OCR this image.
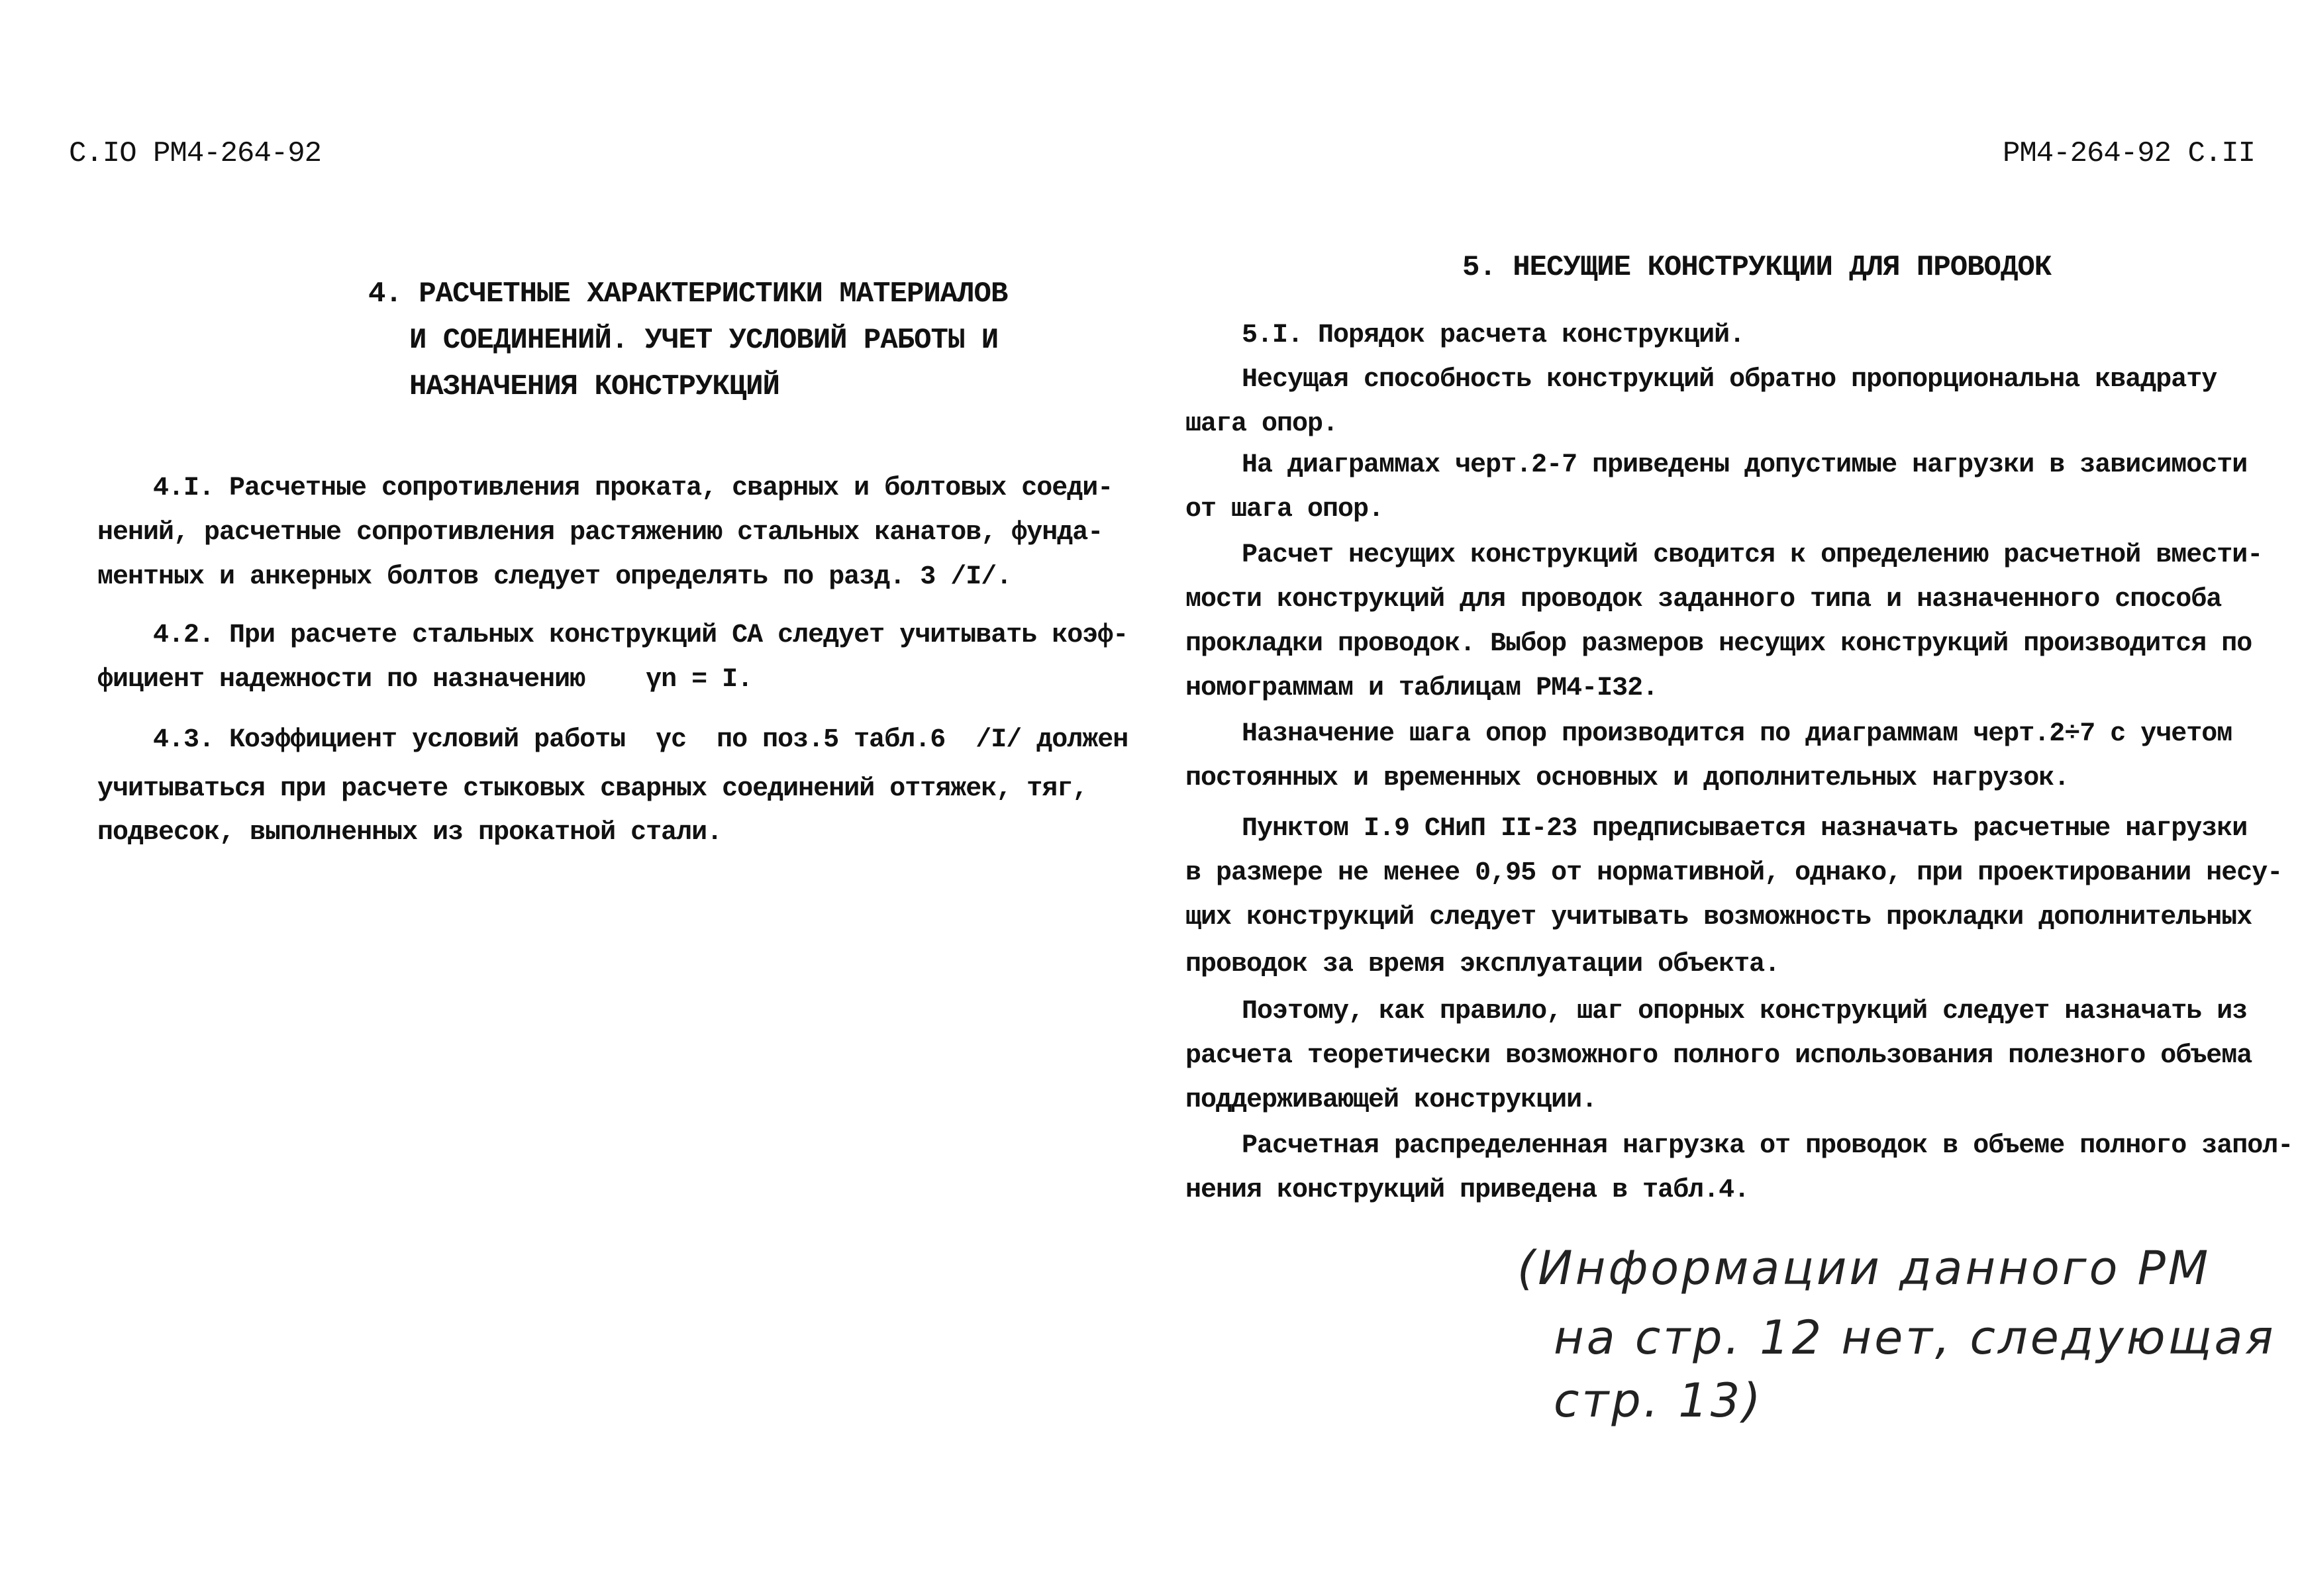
С.IO РМ4-264-92
4. РАСЧЕТНЫЕ ХАРАКТЕРИСТИКИ МАТЕРИАЛОВ
И СОЕДИНЕНИЙ. УЧЕТ УСЛОВИЙ РАБОТЫ И
НАЗНАЧЕНИЯ КОНСТРУКЦИЙ
4.I. Расчетные сопротивления проката, сварных и болтовых соеди-
нений, расчетные сопротивления растяжению стальных канатов, фунда-
ментных и анкерных болтов следует определять по разд. 3 /I/.
4.2. При расчете стальных конструкций СА следует учитывать коэф-
фициент надежности по назначению    γn = I.
4.3. Коэффициент условий работы  γc  по поз.5 табл.6  /I/ должен
учитываться при расчете стыковых сварных соединений оттяжек, тяг,
подвесок, выполненных из прокатной стали.
РМ4-264-92 С.II
5. НЕСУЩИЕ КОНСТРУКЦИИ ДЛЯ ПРОВОДОК
5.I. Порядок расчета конструкций.
Несущая способность конструкций обратно пропорциональна квадрату
шага опор.
На диаграммах черт.2-7 приведены допустимые нагрузки в зависимости
от шага опор.
Расчет несущих конструкций сводится к определению расчетной вмести-
мости конструкций для проводок заданного типа и назначенного способа
прокладки проводок. Выбор размеров несущих конструкций производится по
номограммам и таблицам РМ4-I32.
Назначение шага опор производится по диаграммам черт.2÷7 с учетом
постоянных и временных основных и дополнительных нагрузок.
Пунктом I.9 СНиП II-23 предписывается назначать расчетные нагрузки
в размере не менее 0,95 от нормативной, однако, при проектировании несу-
щих конструкций следует учитывать возможность прокладки дополнительных
проводок за время эксплуатации объекта.
Поэтому, как правило, шаг опорных конструкций следует назначать из
расчета теоретически возможного полного использования полезного объема
поддерживающей конструкции.
Расчетная распределенная нагрузка от проводок в объеме полного запол-
нения конструкций приведена в табл.4.
(Информации данного РМ
на стр. 12 нет, следующая
стр. 13)
